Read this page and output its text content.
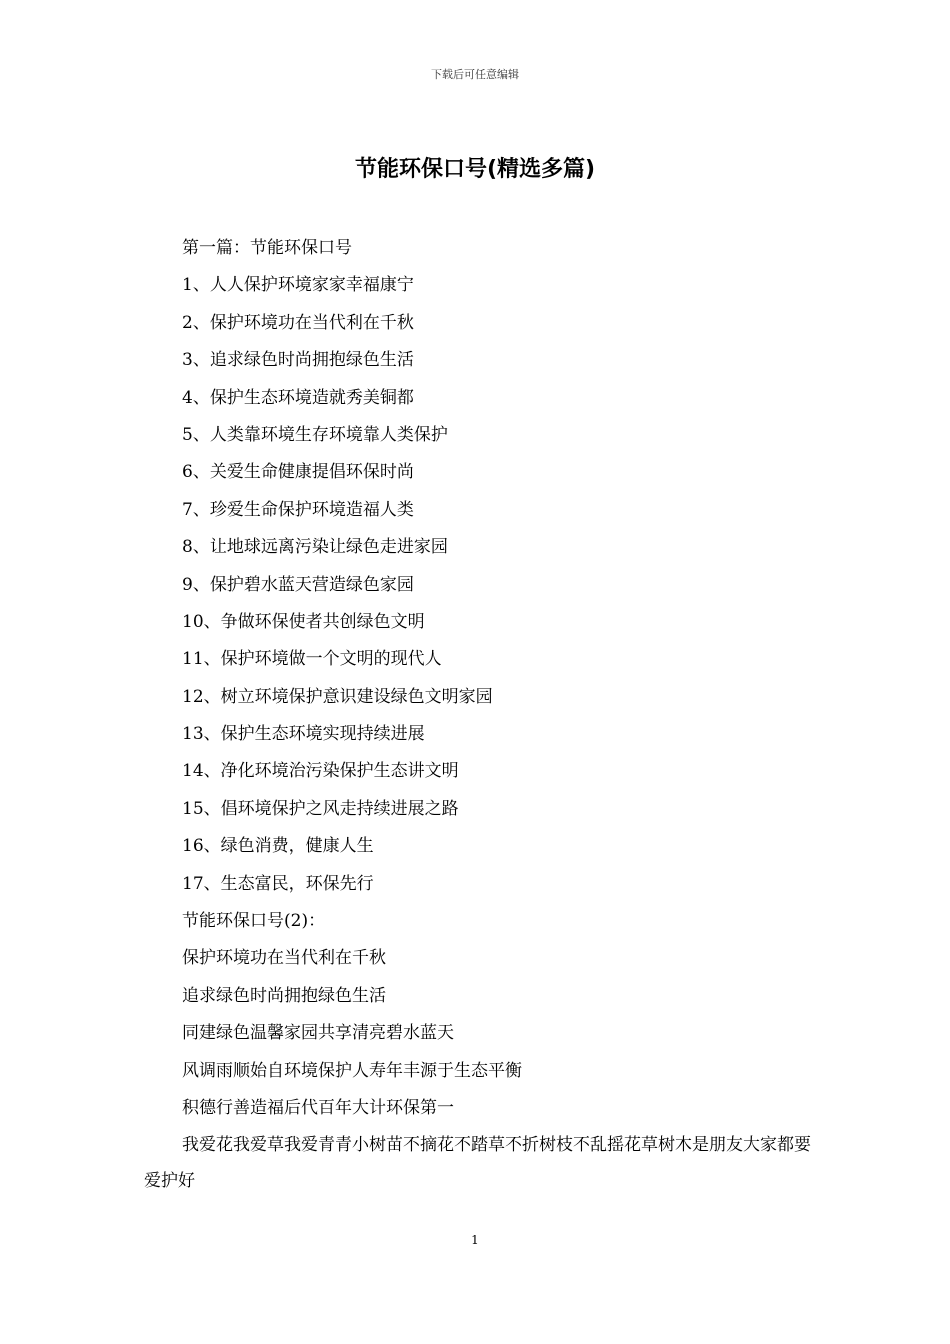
下载后可任意编辑
节能环保口号(精选多篇)
第一篇：节能环保口号
1、人人保护环境家家幸福康宁
2、保护环境功在当代利在千秋
3、追求绿色时尚拥抱绿色生活
4、保护生态环境造就秀美铜都
5、人类靠环境生存环境靠人类保护
6、关爱生命健康提倡环保时尚
7、珍爱生命保护环境造福人类
8、让地球远离污染让绿色走进家园
9、保护碧水蓝天营造绿色家园
10、争做环保使者共创绿色文明
11、保护环境做一个文明的现代人
12、树立环境保护意识建设绿色文明家园
13、保护生态环境实现持续进展
14、净化环境治污染保护生态讲文明
15、倡环境保护之风走持续进展之路
16、绿色消费，健康人生
17、生态富民，环保先行
节能环保口号(2)：
保护环境功在当代利在千秋
追求绿色时尚拥抱绿色生活
同建绿色温馨家园共享清亮碧水蓝天
风调雨顺始自环境保护人寿年丰源于生态平衡
积德行善造福后代百年大计环保第一

我爱花我爱草我爱青青小树苗不摘花不踏草不折树枝不乱摇花草树木是朋友大家都要爱护好

1
